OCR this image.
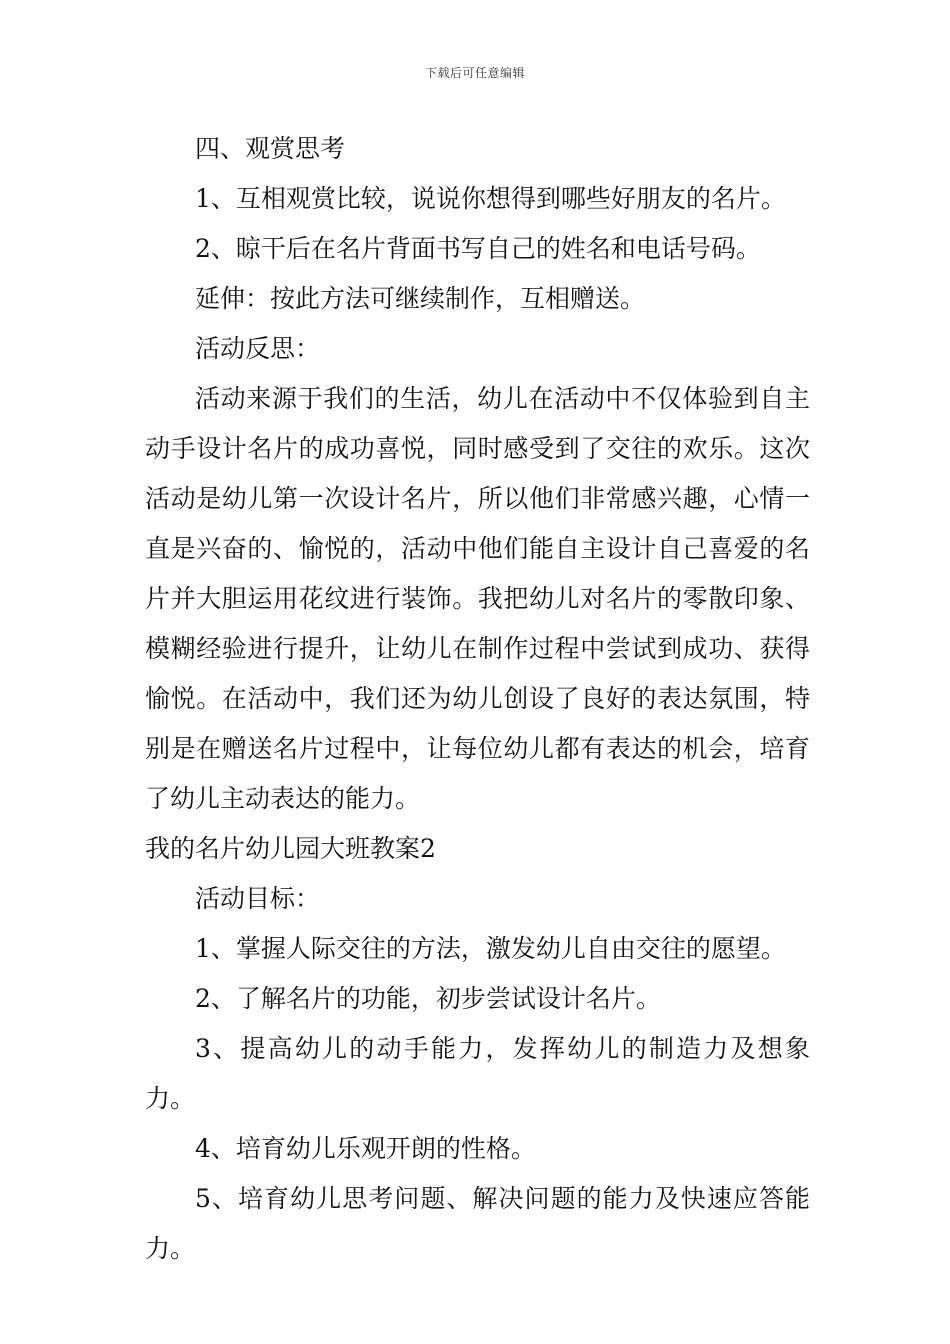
下载后可任意编辑

四、观赏思考

1、互相观赏比较，说说你想得到哪些好朋友的名片。

2、晾干后在名片背面书写自己的姓名和电话号码。

延伸：按此方法可继续制作，互相赠送。

活动反思：

活动来源于我们的生活，幼儿在活动中不仅体验到自主动手设计名片的成功喜悦，同时感受到了交往的欢乐。这次活动是幼儿第一次设计名片，所以他们非常感兴趣，心情一直是兴奋的、愉悦的，活动中他们能自主设计自己喜爱的名片并大胆运用花纹进行装饰。我把幼儿对名片的零散印象、模糊经验进行提升，让幼儿在制作过程中尝试到成功、获得愉悦。在活动中，我们还为幼儿创设了良好的表达氛围，特别是在赠送名片过程中，让每位幼儿都有表达的机会，培育了幼儿主动表达的能力。

我的名片幼儿园大班教案2

活动目标：

1、掌握人际交往的方法，激发幼儿自由交往的愿望。

2、了解名片的功能，初步尝试设计名片。

3、提高幼儿的动手能力，发挥幼儿的制造力及想象力。

4、培育幼儿乐观开朗的性格。

5、培育幼儿思考问题、解决问题的能力及快速应答能力。
